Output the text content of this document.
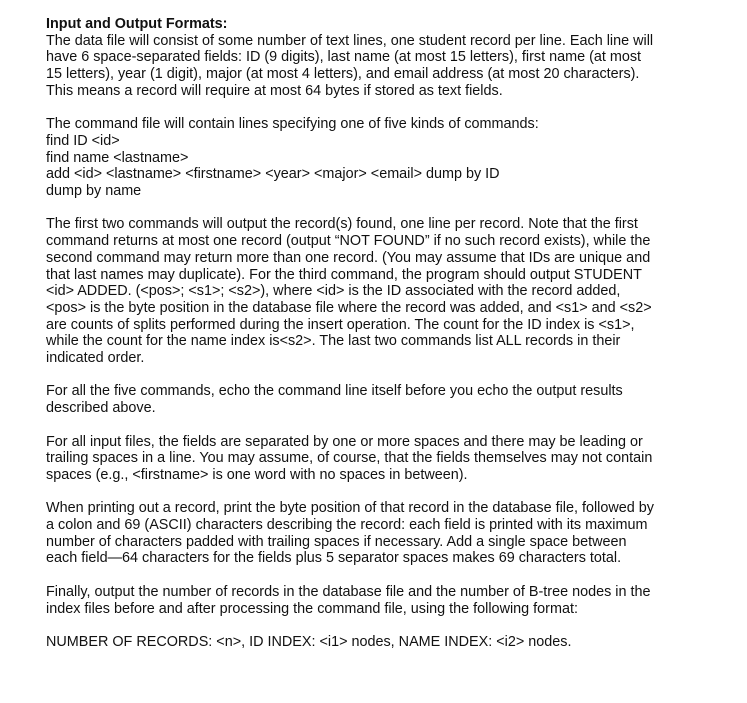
Input and Output Formats:
The data file will consist of some number of text lines, one student record per line. Each line will
have 6 space-separated fields: ID (9 digits), last name (at most 15 letters), first name (at most
15 letters), year (1 digit), major (at most 4 letters), and email address (at most 20 characters).
This means a record will require at most 64 bytes if stored as text fields.
The command file will contain lines specifying one of five kinds of commands:
find ID <id>
find name <lastname>
add <id> <lastname> <firstname> <year> <major> <email> dump by ID
dump by name
The first two commands will output the record(s) found, one line per record. Note that the first
command returns at most one record (output “NOT FOUND” if no such record exists), while the
second command may return more than one record. (You may assume that IDs are unique and
that last names may duplicate). For the third command, the program should output STUDENT
<id> ADDED. (<pos>; <s1>; <s2>), where <id> is the ID associated with the record added,
<pos> is the byte position in the database file where the record was added, and <s1> and <s2>
are counts of splits performed during the insert operation. The count for the ID index is <s1>,
while the count for the name index is<s2>. The last two commands list ALL records in their
indicated order.
For all the five commands, echo the command line itself before you echo the output results
described above.
For all input files, the fields are separated by one or more spaces and there may be leading or
trailing spaces in a line. You may assume, of course, that the fields themselves may not contain
spaces (e.g., <firstname> is one word with no spaces in between).
When printing out a record, print the byte position of that record in the database file, followed by
a colon and 69 (ASCII) characters describing the record: each field is printed with its maximum
number of characters padded with trailing spaces if necessary. Add a single space between
each field—64 characters for the fields plus 5 separator spaces makes 69 characters total.
Finally, output the number of records in the database file and the number of B-tree nodes in the
index files before and after processing the command file, using the following format:
NUMBER OF RECORDS: <n>, ID INDEX: <i1> nodes, NAME INDEX: <i2> nodes.
